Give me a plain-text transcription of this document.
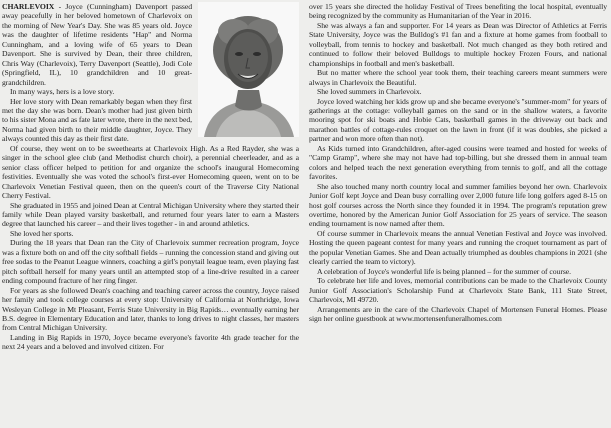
CHARLEVOIX - Joyce (Cunningham) Davenport passed away peacefully in her beloved hometown of Charlevoix on the morning of New Year's Day. She was 85 years old. Joyce was the daughter of lifetime residents "Hap" and Norma Cunningham, and a loving wife of 65 years to Dean Davenport. She is survived by Dean, their three children, Chris Way (Charlevoix), Terry Davenport (Seattle), Jodi Cole (Springfield, IL), 10 grandchildren and 10 great-grandchildren.

In many ways, hers is a love story.

Her love story with Dean remarkably began when they first met the day she was born. Dean's mother had just given birth to his sister Mona and as fate later wrote, there in the next bed, Norma had given birth to their middle daughter, Joyce. They always counted this day as their first date.

Of course, they went on to be sweethearts at Charlevoix High. As a Red Rayder, she was a singer in the school glee club (and Methodist church choir), a perennial cheerleader, and as a senior class officer helped to petition for and organize the school's inaugural Homecoming festivities. Eventually she was voted the school's first-ever Homecoming queen, went on to be Charlevoix Venetian Festival queen, then on the queen's court of the Traverse City National Cherry Festival.

She graduated in 1955 and joined Dean at Central Michigan University where they started their family while Dean played varsity basketball, and returned four years later to earn a Masters degree that launched his career – and their lives together - in and around athletics.

She loved her sports.

During the 18 years that Dean ran the City of Charlevoix summer recreation program, Joyce was a fixture both on and off the city softball fields – running the concession stand and giving out free sodas to the Peanut League winners, coaching a girl's ponytail league team, even playing fast pitch softball herself for many years until an attempted stop of a line-drive resulted in a career ending compound fracture of her ring finger.

For years as she followed Dean's coaching and teaching career across the country, Joyce raised her family and took college courses at every stop: University of California at Northridge, Iowa Wesleyan College in Mt Pleasant, Ferris State University in Big Rapids… eventually earning her B.S. degree in Elementary Education and later, thanks to long drives to night classes, her masters from Central Michigan University.

Landing in Big Rapids in 1970, Joyce became everyone's favorite 4th grade teacher for the next 24 years and a beloved and involved citizen. For

over 15 years she directed the holiday Festival of Trees benefiting the local hospital, eventually being recognized by the community as Humanitarian of the Year in 2016.

She was always a fan and supporter. For 14 years as Dean was Director of Athletics at Ferris State University, Joyce was the Bulldog's #1 fan and a fixture at home games from football to volleyball, from tennis to hockey and basketball. Not much changed as they both retired and continued to follow their beloved Bulldogs to multiple hockey Frozen Fours, and national championships in football and men's basketball.

But no matter where the school year took them, their teaching careers meant summers were always in Charlevoix the Beautiful.

She loved summers in Charlevoix.

Joyce loved watching her kids grow up and she became everyone's "summer-mom" for years of gatherings at the cottage: volleyball games on the sand or in the shallow waters, a favorite mooring spot for ski boats and Hobie Cats, basketball games in the driveway out back and marathon battles of cottage-rules croquet on the lawn in front (if it was doubles, she picked a partner and won more often than not).

As Kids turned into Grandchildren, after-aged cousins were teamed and hosted for weeks of "Camp Gramp", where she may not have had top-billing, but she dressed them in annual team colors and helped teach the next generation everything from tennis to golf, and all the cottage favorites.

She also touched many north country local and summer families beyond her own. Charlevoix Junior Golf kept Joyce and Dean busy corralling over 2,000 future life long golfers aged 8-15 on host golf courses across the North since they founded it in 1994. The program's reputation grew overtime, honored by the American Junior Golf Association for 25 years of service. The season ending tournament is now named after them.

Of course summer in Charlevoix means the annual Venetian Festival and Joyce was involved. Hosting the queen pageant contest for many years and running the croquet tournament as part of the popular Venetian Games. She and Dean actually triumphed as doubles champions in 2021 (she clearly carried the team to victory).

A celebration of Joyce's wonderful life is being planned – for the summer of course.

To celebrate her life and loves, memorial contributions can be made to the Charlevoix County Junior Golf Association's Scholarship Fund at Charlevoix State Bank, 111 State Street, Charlevoix, MI 49720.

Arrangements are in the care of the Charlevoix Chapel of Mortensen Funeral Homes. Please sign her online guestbook at www.mortensenfuneralhomes.com
